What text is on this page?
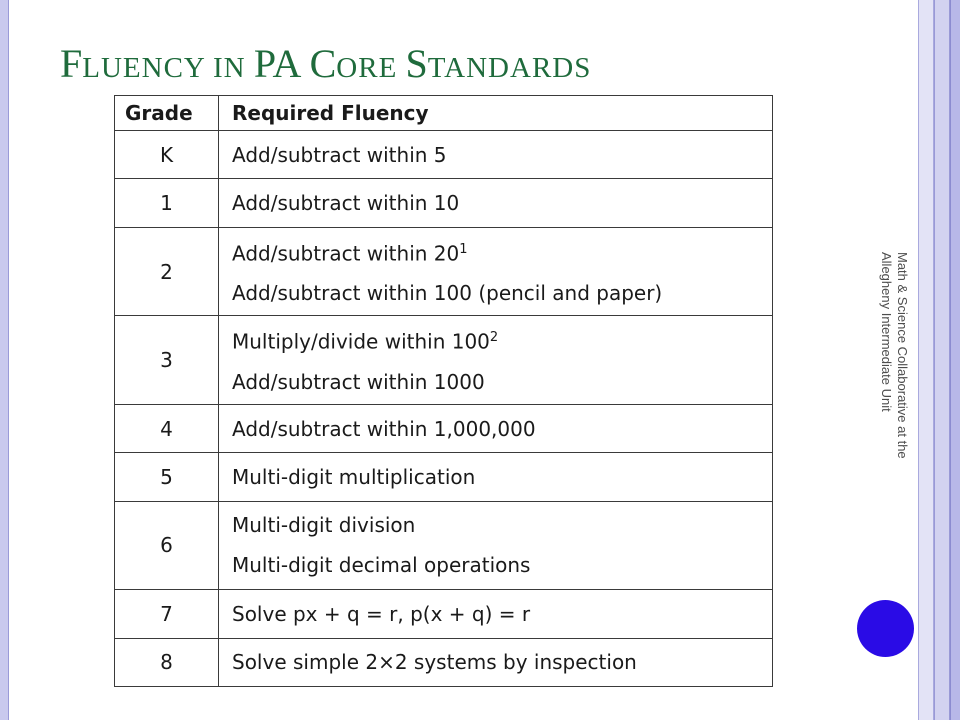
FLUENCY IN PA CORE STANDARDS
Grade	Required Fluency
K	Add/subtract within 5

1	Add/subtract within 10

2	Add/subtract within $20^1$
Add/subtract within 100 (pencil and paper)

3	Multiply/divide within $100^2$
Add/subtract within 1000

4	Add/subtract within 1,000,000

5	Multi-digit multiplication

6	Multi-digit division
Multi-digit decimal operations

7	Solve px + q = r, p(x + q) = r

8	Solve simple 2×2 systems by inspection
Math & Science Collaborative at the
Allegheny Intermediate Unit
